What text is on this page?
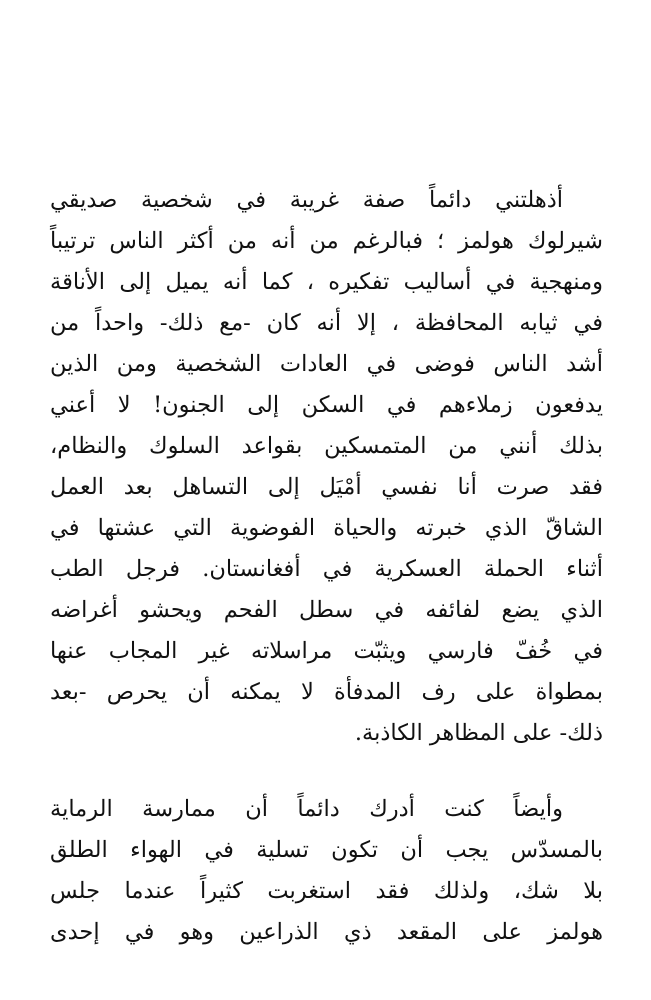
أذهلتني دائماً صفة غريبة في شخصية صديقي
شيرلوك هولمز ؛ فبالرغم من أنه من أكثر الناس ترتيباً
ومنهجية في أساليب تفكيره ، كما أنه يميل إلى الأناقة
في ثيابه المحافظة ، إلا أنه كان -مع ذلك- واحداً من
أشد الناس فوضى في العادات الشخصية ومن الذين
يدفعون زملاءهم في السكن إلى الجنون! لا أعني
بذلك أنني من المتمسكين بقواعد السلوك والنظام،
فقد صرت أنا نفسي أمْيَل إلى التساهل بعد العمل
الشاقّ الذي خبرته والحياة الفوضوية التي عشتها في
أثناء الحملة العسكرية في أفغانستان. فرجل الطب
الذي يضع لفائفه في سطل الفحم ويحشو أغراضه
في خُفّ فارسي ويثبّت مراسلاته غير المجاب عنها
بمطواة على رف المدفأة لا يمكنه أن يحرص -بعد
ذلك- على المظاهر الكاذبة.
وأيضاً كنت أدرك دائماً أن ممارسة الرماية
بالمسدّس يجب أن تكون تسلية في الهواء الطلق
بلا شك، ولذلك فقد استغربت كثيراً عندما جلس
هولمز على المقعد ذي الذراعين وهو في إحدى
